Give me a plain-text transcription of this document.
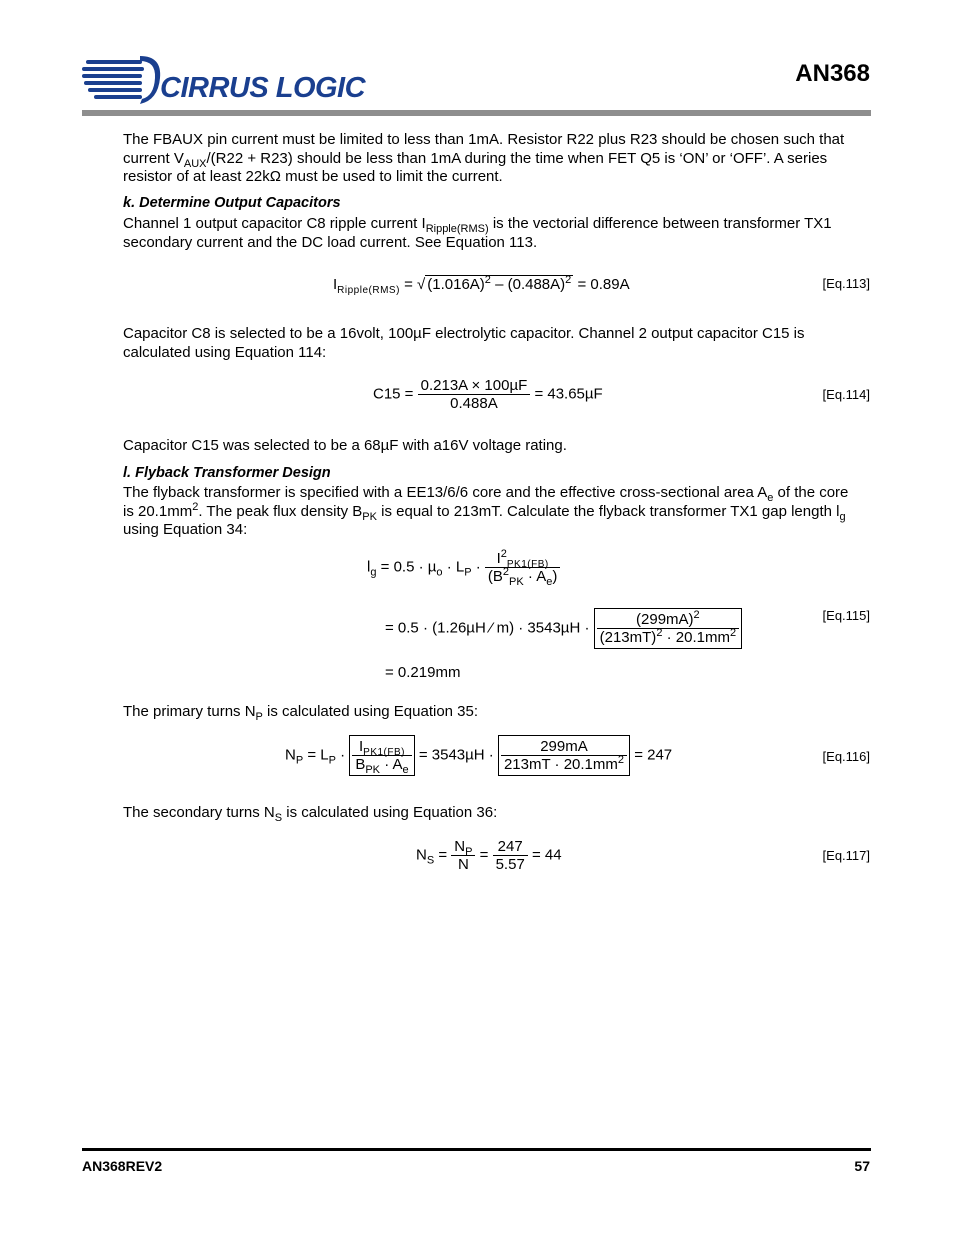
CIRRUS LOGIC	AN368
The FBAUX pin current must be limited to less than 1mA. Resistor R22 plus R23 should be chosen such that
current $V_{AUX}/(R22 + R23)$ should be less than 1mA during the time when FET Q5 is ‘ON’ or ‘OFF’. A series
resistor of at least 22kΩ must be used to limit the current.
k. Determine Output Capacitors
Channel 1 output capacitor C8 ripple current $I_{Ripple(RMS)}$ is the vectorial difference between transformer TX1
secondary current and the DC load current. See Equation 113.
$I_{Ripple(RMS)}$ = √ $(1.016A)^2 - (0.488A)^2 = 0.89A$	[Eq.113]
Capacitor C8 is selected to be a 16volt, 100µF electrolytic capacitor. Channel 2 output capacitor C15 is
calculated using Equation 114:
$C15 = \frac{\text{0.213A × 100µF}}{0.488A} = 43.65\mu F$	[Eq.114]
Capacitor C15 was selected to be a 68µF with a16V voltage rating.
l. Flyback Transformer Design
The flyback transformer is specified with a EE13/6/6 core and the effective cross-sectional area $A_e$ of the core
is $20.1mm^2$. The peak flux density $B_{PK}$ is equal to 213mT. Calculate the flyback transformer TX1 gap length $l_g$
using Equation 34:
$l_g = 0.5 \cdot \mu_o \cdot L_P \cdot \frac{I^2_{PK1(FB)}}{(B^2_{PK} \cdot A_e)}$
= 0.5 · (1.26µH ⁄ $m) \cdot 3543\mu H \cdot \frac{(299mA)^2}{(213mT)^2 \cdot 20.1mm^2}$
= 0.219mm
[Eq.115]
The primary turns $N_P$ is calculated using Equation 35:
$N_P = L_P \cdot \frac{I_{PK1(FB)}}{B_{PK} \cdot A_e} = 3543\mu H \cdot \frac{299mA}{213mT \cdot 20.1mm^2} = 247$	[Eq.116]
The secondary turns $N_S$ is calculated using Equation 36:
$N_S = \frac{N_P}{N} = \frac{247}{5.57} = 44$	[Eq.117]
AN368REV2	57
